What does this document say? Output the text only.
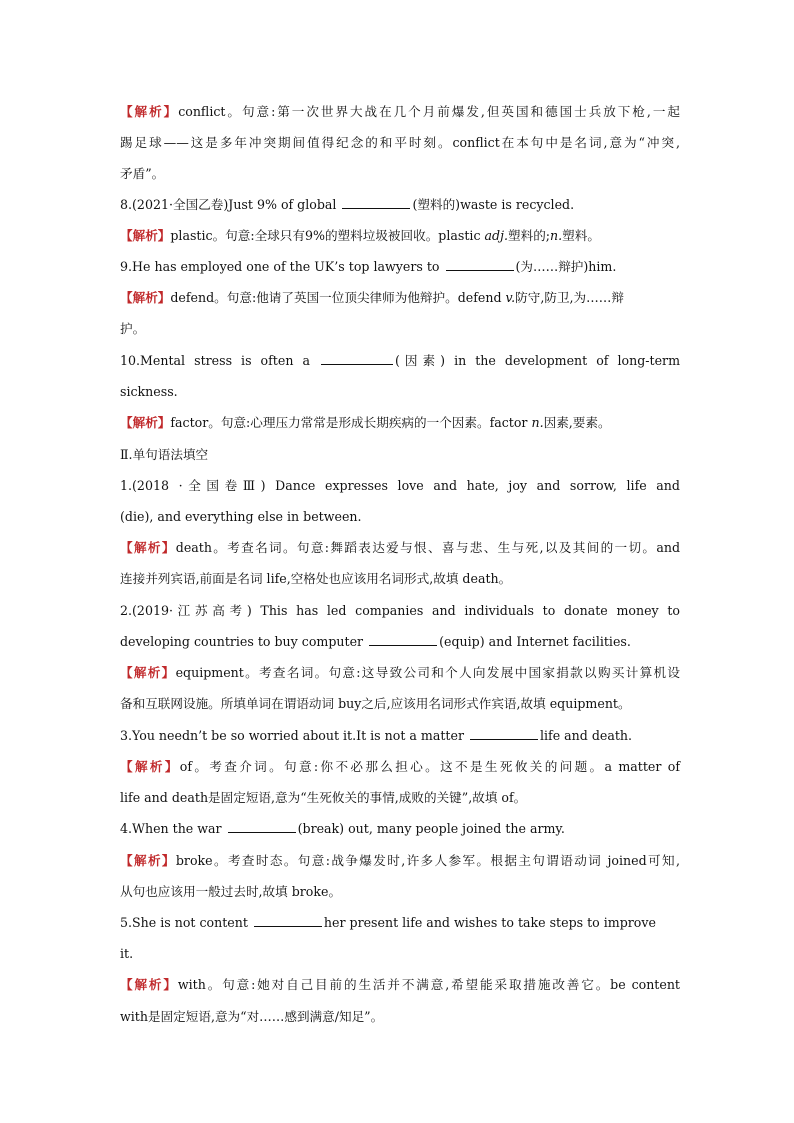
【解析】conflict。句意:第一次世界大战在几个月前爆发,但英国和德国士兵放下枪,一起
踢足球——这是多年冲突期间值得纪念的和平时刻。conflict在本句中是名词,意为“冲突,
矛盾”。
8.(2021·全国乙卷)Just 9% of global	(塑料的)waste is recycled.
【解析】plastic。句意:全球只有9%的塑料垃圾被回收。plastic adj.塑料的;n.塑料。
9.He has employed one of the UK’s top lawyers to	(为……辩护)him.
【解析】defend。句意:他请了英国一位顶尖律师为他辩护。defend v.防守,防卫,为……辩
护。
10.Mental stress is often a	(因素) in the development of long-term
sickness.
【解析】factor。句意:心理压力常常是形成长期疾病的一个因素。factor n.因素,要素。
Ⅱ.单句语法填空
1.(2018 ·全国卷Ⅲ) Dance expresses love and hate, joy and sorrow, life and
(die), and everything else in between.
【解析】death。考查名词。句意:舞蹈表达爱与恨、喜与悲、生与死,以及其间的一切。and
连接并列宾语,前面是名词 life,空格处也应该用名词形式,故填 death。
2.(2019·江苏高考) This has led companies and individuals to donate money to
developing countries to buy computer	(equip) and Internet facilities.
【解析】equipment。考查名词。句意:这导致公司和个人向发展中国家捐款以购买计算机设
备和互联网设施。所填单词在谓语动词 buy之后,应该用名词形式作宾语,故填 equipment。
3.You needn’t be so worried about it.It is not a matter	life and death.
【解析】of。考查介词。句意:你不必那么担心。这不是生死攸关的问题。a matter of
life and death是固定短语,意为“生死攸关的事情,成败的关键”,故填 of。
4.When the war	(break) out, many people joined the army.
【解析】broke。考查时态。句意:战争爆发时,许多人参军。根据主句谓语动词 joined可知,
从句也应该用一般过去时,故填 broke。
5.She is not content	her present life and wishes to take steps to improve
it.
【解析】with。句意:她对自己目前的生活并不满意,希望能采取措施改善它。be content
with是固定短语,意为“对……感到满意/知足”。
